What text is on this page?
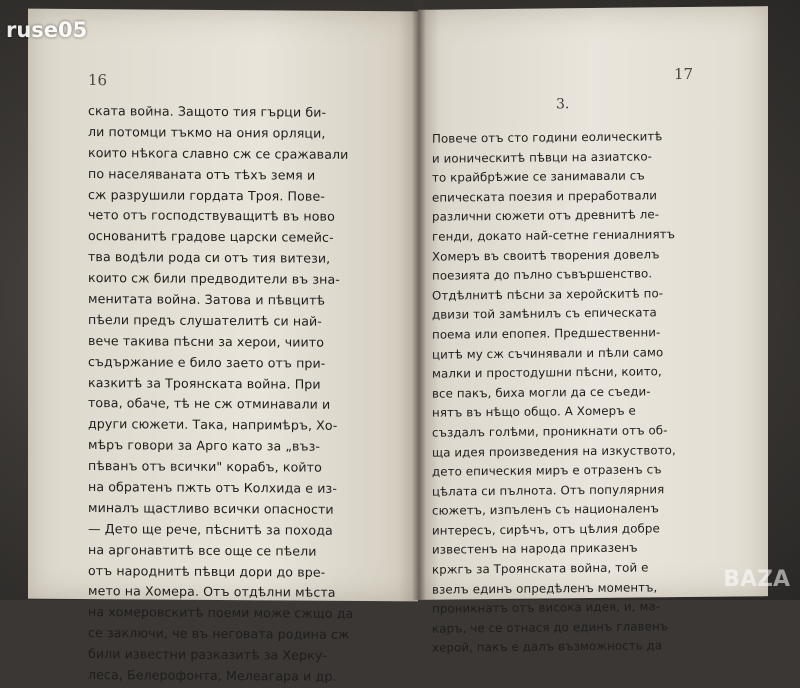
16
ската война. Защото тия гърци би-
ли потомци тъкмо на ония орляци,
които нѣкога славно сж се сражавали
по населяваната отъ тѣхъ земя и
сж разрушили гордата Троя. Пове-
чето отъ господствуващитѣ въ ново
основанитѣ градове царски семейс-
тва водѣли рода си отъ тия витези,
които сж били предводители въ зна-
менитата война. Затова и пѣвцитѣ
пѣели предъ слушателитѣ си най-
вече такива пѣсни за херои, чиито
съдържание е било заето отъ при-
казкитѣ за Троянската война. При
това, обаче, тѣ не сж отминавали и
други сюжети. Така, напримѣръ, Хо-
мѣръ говори за Арго като за „въз-
пѣванъ отъ всички" корабъ, който
на обратенъ пжть отъ Колхида е из-
миналъ щастливо всички опасности
— Дето ще рече, пѣснитѣ за похода
на аргонавтитѣ все още се пѣели
отъ народнитѣ пѣвци дори до вре-
мето на Хомера. Отъ отдѣлни мѣста
на хомеровскитѣ поеми може сжщо да
се заключи, че въ неговата родина сж
били известни разказитѣ за Херку-
леса, Белерофонта, Мелеагара и др.
17
3.
Повече отъ сто години еолическитѣ
и ионическитѣ пѣвци на азиатско-
то крайбрѣжие се занимавали съ
епическата поезия и преработвали
различни сюжети отъ древнитѣ ле-
генди, докато най-сетне гениалниятъ
Хомеръ въ своитѣ творения довелъ
поезията до пълно съвършенство.
Отдѣлнитѣ пѣсни за херойскитѣ по-
двизи той замѣнилъ съ епическата
поема или епопея. Предшественни-
цитѣ му сж съчинявали и пѣли само
малки и простодушни пѣсни, които,
все пакъ, биха могли да се съеди-
нятъ въ нѣщо общо. А Хомеръ е
създалъ голѣми, проникнати отъ об-
ща идея произведения на изкуството,
дето епическия миръ е отразенъ съ
цѣлата си пълнота. Отъ популярния
сюжетъ, изпъленъ съ националенъ
интересъ, сирѣчъ, отъ цѣлия добре
известенъ на народа приказенъ
кржгъ за Троянската война, той е
взелъ единъ опредѣленъ моментъ,
проникнатъ отъ висока идея, и, ма-
каръ, че се отнася до единъ главенъ
херой, пакъ е далъ възможность да
ruse05
BAZA
